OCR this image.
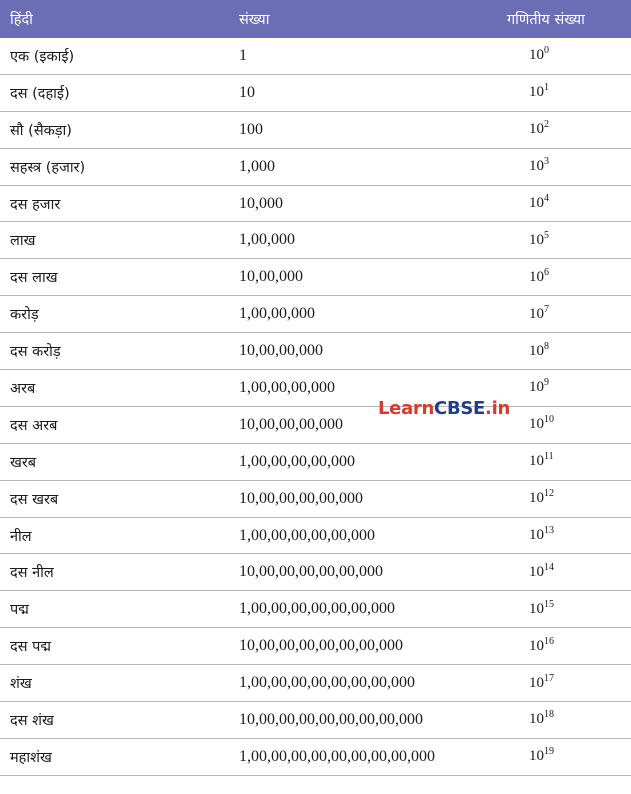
हिंदी	संख्या	गणितीय संख्या
एक (इकाई)	1	$10^0$
दस (दहाई)	10	$10^1$
सौ (सैकड़ा)	100	$10^2$
सहस्त्र (हजार)	1,000	$10^3$
दस हजार	10,000	$10^4$
लाख	1,00,000	$10^5$
दस लाख	10,00,000	$10^6$
करोड़	1,00,00,000	$10^7$
दस करोड़	10,00,00,000	$10^8$
अरब	1,00,00,00,000	$10^9$
दस अरब	10,00,00,00,000	$10^{10}$
खरब	1,00,00,00,00,000	$10^{11}$
दस खरब	10,00,00,00,00,000	$10^{12}$
नील	1,00,00,00,00,00,000	$10^{13}$
दस नील	10,00,00,00,00,00,000	$10^{14}$
पद्म	1,00,00,00,00,00,00,000	$10^{15}$
दस पद्म	10,00,00,00,00,00,00,000	$10^{16}$
शंख	1,00,00,00,00,00,00,00,000	$10^{17}$
दस शंख	10,00,00,00,00,00,00,00,000	$10^{18}$
महाशंख	1,00,00,00,00,00,00,00,00,000	$10^{19}$
LearnCBSE.in
